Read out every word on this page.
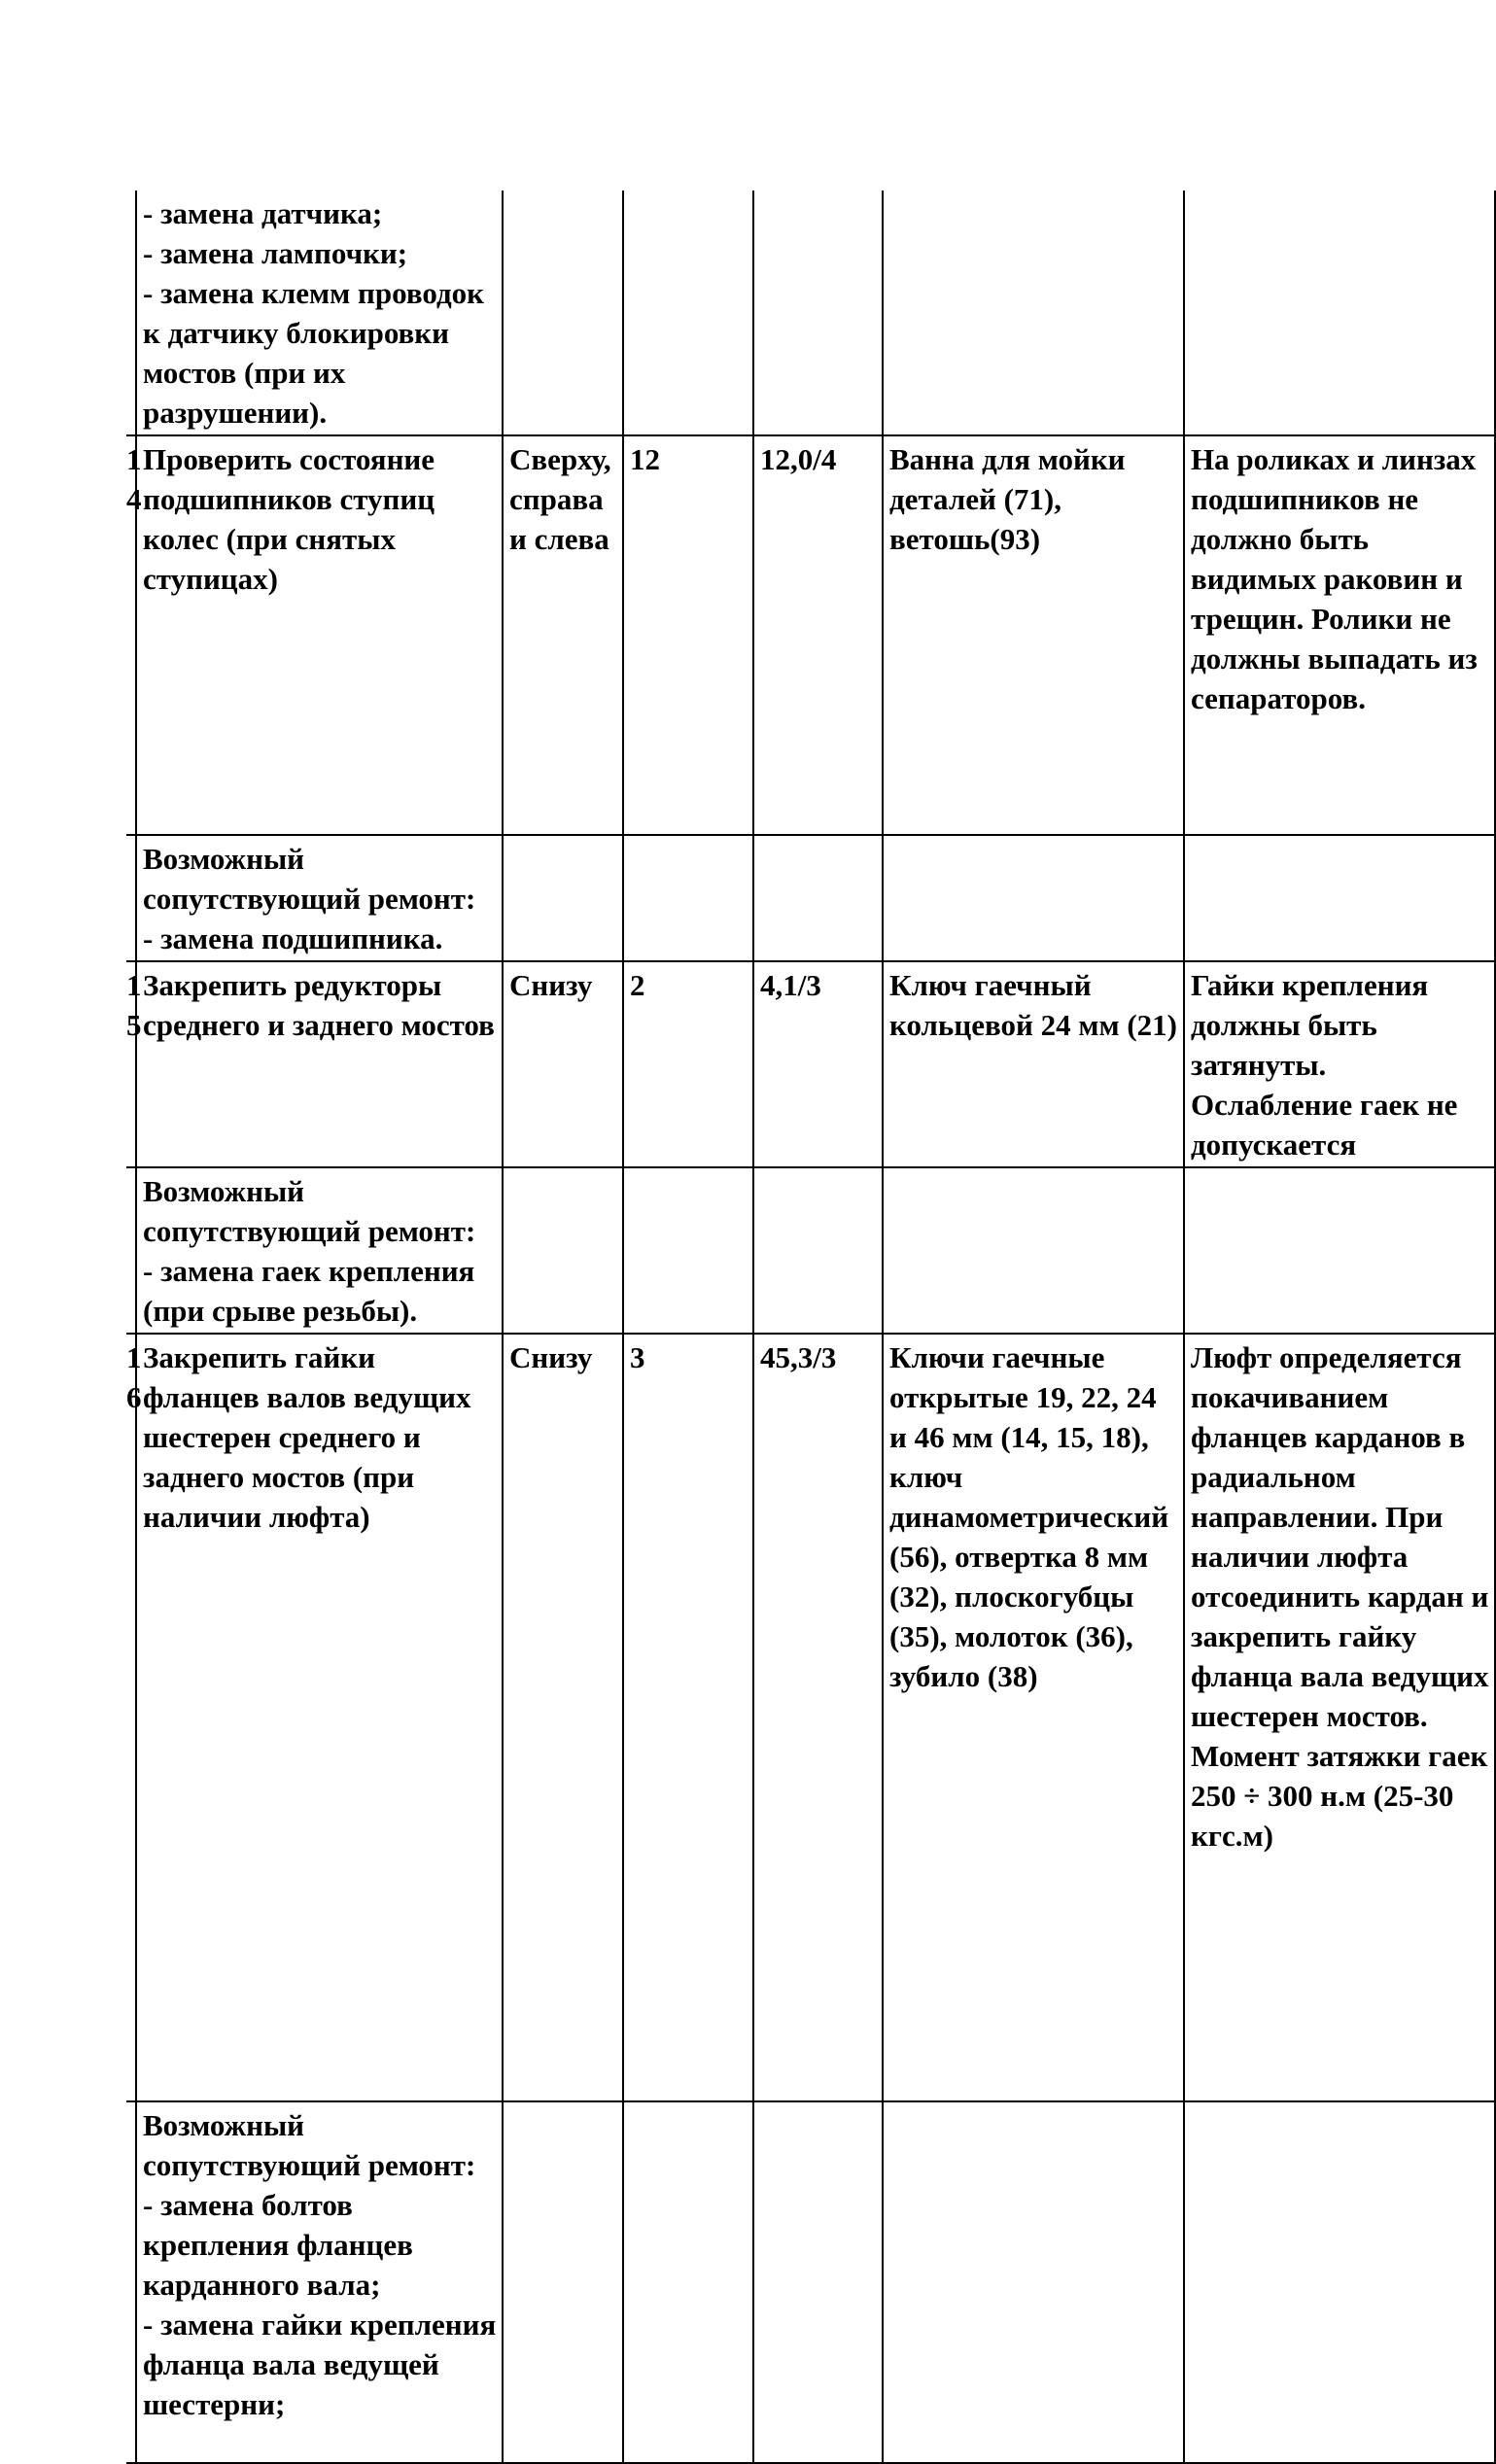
	- замена датчика;
- замена лампочки;
- замена клемм проводок к датчику блокировки мостов (при их разрушении).					
14	Проверить состояние подшипников ступиц колес (при снятых ступицах)	Сверху, справа и слева	12	12,0/4	Ванна для мойки деталей (71), ветошь(93)	На роликах и линзах подшипников не должно быть видимых раковин и трещин. Ролики не должны выпадать из сепараторов.
	Возможный сопутствующий ремонт:
- замена подшипника.					
15	Закрепить редукторы среднего и заднего мостов	Снизу	2	4,1/3	Ключ гаечный кольцевой 24 мм (21)	Гайки крепления должны быть затянуты. Ослабление гаек не допускается
	Возможный сопутствующий ремонт:
- замена гаек крепления (при срыве резьбы).					
16	Закрепить гайки фланцев валов ведущих шестерен среднего и заднего мостов (при наличии люфта)	Снизу	3	45,3/3	Ключи гаечные открытые 19, 22, 24 и 46 мм (14, 15, 18), ключ динамометрический (56), отвертка 8 мм (32), плоскогубцы (35), молоток (36), зубило (38)	Люфт определяется покачиванием фланцев карданов в радиальном направлении. При наличии люфта отсоединить кардан и закрепить гайку фланца вала ведущих шестерен мостов. Момент затяжки гаек 250 ÷ 300 н.м (25-30 кгс.м)
	Возможный сопутствующий ремонт:
- замена болтов крепления фланцев карданного вала;
- замена гайки крепления фланца вала ведущей шестерни;					
